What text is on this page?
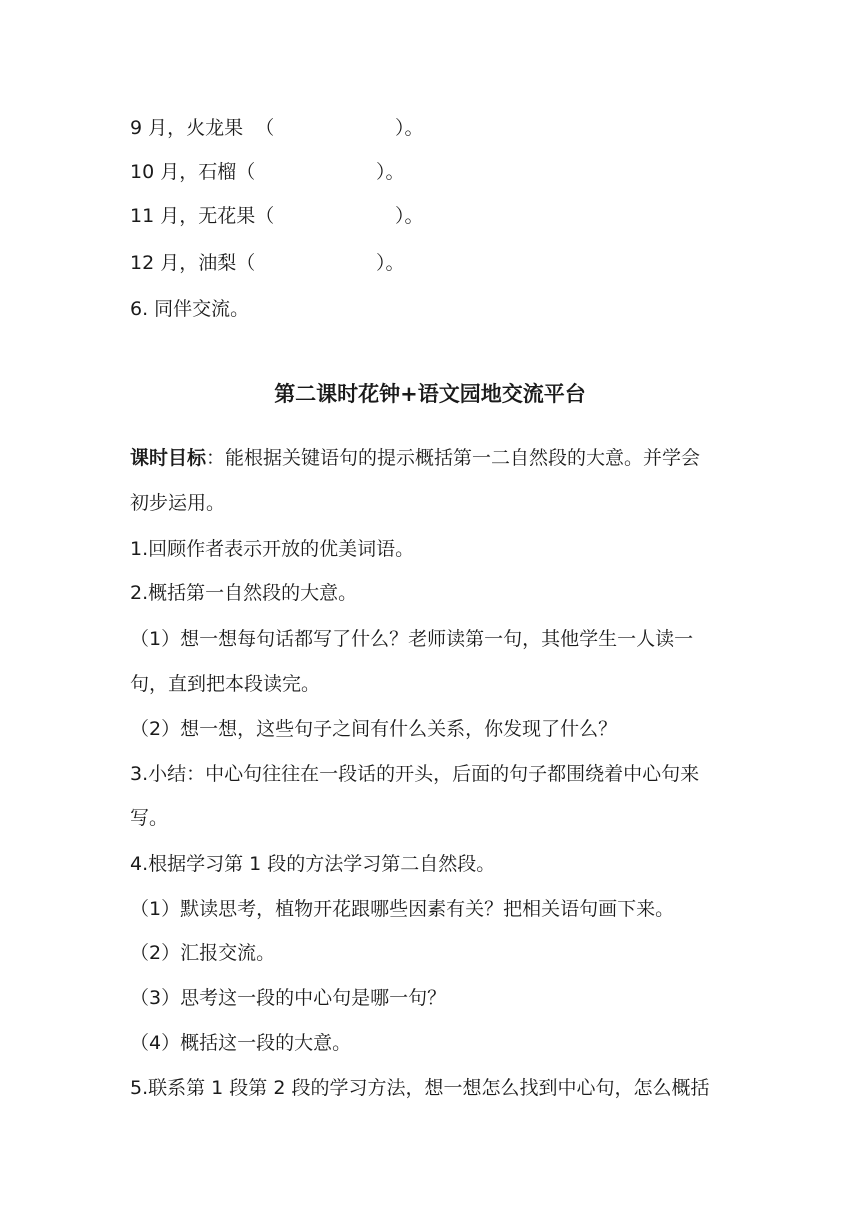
9 月，火龙果  （                    ）。
10 月，石榴（                    ）。
11 月，无花果（                    ）。
12 月，油梨（                    ）。
6. 同伴交流。
第二课时花钟+语文园地交流平台
课时目标：能根据关键语句的提示概括第一二自然段的大意。并学会
初步运用。
1.回顾作者表示开放的优美词语。
2.概括第一自然段的大意。
（1）想一想每句话都写了什么？老师读第一句，其他学生一人读一
句，直到把本段读完。
（2）想一想，这些句子之间有什么关系，你发现了什么？
3.小结：中心句往往在一段话的开头，后面的句子都围绕着中心句来
写。
4.根据学习第 1 段的方法学习第二自然段。
（1）默读思考，植物开花跟哪些因素有关？把相关语句画下来。
（2）汇报交流。
（3）思考这一段的中心句是哪一句？
（4）概括这一段的大意。
5.联系第 1 段第 2 段的学习方法，想一想怎么找到中心句，怎么概括
